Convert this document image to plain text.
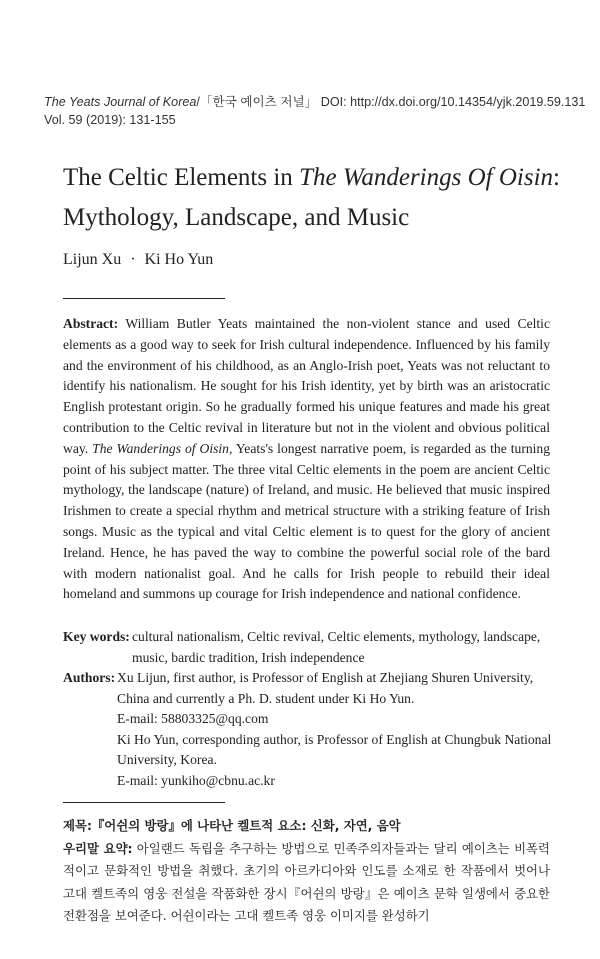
The Yeats Journal of Korea/「한국 예이츠 저널」 DOI: http://dx.doi.org/10.14354/yjk.2019.59.131
Vol. 59 (2019): 131-155
The Celtic Elements in The Wanderings Of Oisin:
Mythology, Landscape, and Music
Lijun Xu · Ki Ho Yun
Abstract: William Butler Yeats maintained the non-violent stance and used Celtic elements as a good way to seek for Irish cultural independence. Influenced by his family and the environment of his childhood, as an Anglo-Irish poet, Yeats was not reluctant to identify his nationalism. He sought for his Irish identity, yet by birth was an aristocratic English protestant origin. So he gradually formed his unique features and made his great contribution to the Celtic revival in literature but not in the violent and obvious political way. The Wanderings of Oisin, Yeats's longest narrative poem, is regarded as the turning point of his subject matter. The three vital Celtic elements in the poem are ancient Celtic mythology, the landscape (nature) of Ireland, and music. He believed that music inspired Irishmen to create a special rhythm and metrical structure with a striking feature of Irish songs. Music as the typical and vital Celtic element is to quest for the glory of ancient Ireland. Hence, he has paved the way to combine the powerful social role of the bard with modern nationalist goal. And he calls for Irish people to rebuild their ideal homeland and summons up courage for Irish independence and national confidence.
Key words: cultural nationalism, Celtic revival, Celtic elements, mythology, landscape, music, bardic tradition, Irish independence
Authors: Xu Lijun, first author, is Professor of English at Zhejiang Shuren University, China and currently a Ph. D. student under Ki Ho Yun.
E-mail: 58803325@qq.com
Ki Ho Yun, corresponding author, is Professor of English at Chungbuk National University, Korea.
E-mail: yunkiho@cbnu.ac.kr
제목:『어쉰의 방랑』에 나타난 켈트적 요소: 신화, 자연, 음악
우리말 요약: 아일랜드 독립을 추구하는 방법으로 민족주의자들과는 달리 예이츠는 비폭력적이고 문화적인 방법을 취했다. 초기의 아르카디아와 인도를 소재로 한 작품에서 벗어나 고대 켈트족의 영웅 전설을 작품화한 장시『어쉰의 방랑』은 예이츠 문학 일생에서 중요한 전환점을 보여준다. 어쉰이라는 고대 켈트족 영웅 이미지를 완성하기
